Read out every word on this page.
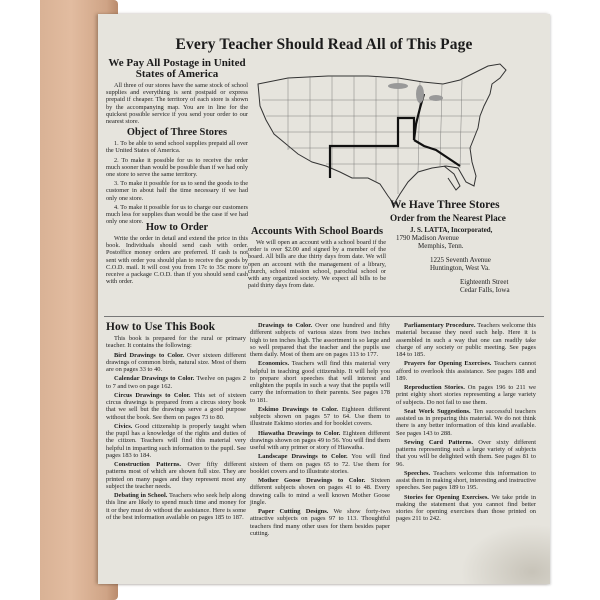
Every Teacher Should Read All of This Page
We Pay All Postage in United States of America

All three of our stores have the same stock of school supplies and everything is sent postpaid or express prepaid if cheaper. The territory of each store is shown by the accompanying map. You are in line for the quickest possible service if you send your order to our nearest store.

Object of Three Stores

1. To be able to send school supplies prepaid all over the United States of America.

2. To make it possible for us to receive the order much sooner than would be possible than if we had only one store to serve the same territory.

3. To make it possible for us to send the goods to the customer in about half the time necessary if we had only one store.

4. To make it possible for us to charge our customers much less for supplies than would be the case if we had only one store.

How to Order

Write the order in detail and extend the price in this book. Individuals should send cash with order. Postoffice money orders are preferred. If cash is not sent with order you should plan to receive the goods by C.O.D. mail. It will cost you from 17c to 35c more to receive a package C.O.D. than if you should send cash with order.

Accounts With School Boards

We will open an account with a school board if the order is over $2.00 and signed by a member of the board. All bills are due thirty days from date. We will open an account with the management of a library, church, school mission school, parochial school or with any organized society. We expect all bills to be paid thirty days from date.

We Have Three Stores
Order from the Nearest Place
J. S. LATTA, Incorporated,
1790 Madison Avenue
Memphis, Tenn.
1225 Seventh Avenue
Huntington, West Va.
Eighteenth Street
Cedar Falls, Iowa
How to Use This Book

This book is prepared for the rural or primary teacher. It contains the following:

Bird Drawings to Color. Over sixteen different drawings of common birds, natural size. Most of them are on pages 33 to 40.

Calendar Drawings to Color. Twelve on pages 2 to 7 and two on page 162.

Circus Drawings to Color. This set of sixteen circus drawings is prepared from a circus story book that we sell but the drawings serve a good purpose without the book. See them on pages 73 to 80.

Civics. Good citizenship is properly taught when the pupil has a knowledge of the rights and duties of the citizen. Teachers will find this material very helpful in imparting such information to the pupil. See pages 183 to 184.

Construction Patterns. Over fifty different patterns most of which are shown full size. They are printed on many pages and they represent most any subject the teacher needs.

Debating in School. Teachers who seek help along this line are likely to spend much time and money for it or they must do without the assistance. Here is some of the best information available on pages 185 to 187.

Drawings to Color. Over one hundred and fifty different subjects of various sizes from two inches high to ten inches high. The assortment is so large and so well prepared that the teacher and the pupils use them daily. Most of them are on pages 113 to 177.

Economics. Teachers will find this material very helpful in teaching good citizenship. It will help you to prepare short speeches that will interest and enlighten the pupils in such a way that the pupils will carry the information to their parents. See pages 178 to 181.

Eskimo Drawings to Color. Eighteen different subjects shown on pages 57 to 64. Use them to illustrate Eskimo stories and for booklet covers.

Hiawatha Drawings to Color. Eighteen different drawings shown on pages 49 to 56. You will find them useful with any primer or story of Hiawatha.

Landscape Drawings to Color. You will find sixteen of them on pages 65 to 72. Use them for booklet covers and to illustrate stories.

Mother Goose Drawings to Color. Sixteen different subjects shown on pages 41 to 48. Every drawing calls to mind a well known Mother Goose jingle.

Paper Cutting Designs. We show forty-two attractive subjects on pages 97 to 113. Thoughtful teachers find many other uses for them besides paper cutting.

Parliamentary Procedure. Teachers welcome this material because they need such help. Here it is assembled in such a way that one can readily take charge of any society or public meeting. See pages 184 to 185.

Prayers for Opening Exercises. Teachers cannot afford to overlook this assistance. See pages 188 and 189.

Reproduction Stories. On pages 196 to 211 we print eighty short stories representing a large variety of subjects. Do not fail to use them.

Seat Work Suggestions. Ten successful teachers assisted us in preparing this material. We do not think there is any better information of this kind available. See pages 143 to 288.

Sewing Card Patterns. Over sixty different patterns representing such a large variety of subjects that you will be delighted with them. See pages 81 to 96.

Speeches. Teachers welcome this information to assist them in making short, interesting and instructive speeches. See pages 189 to 195.

Stories for Opening Exercises. We take pride in making the statement that you cannot find better stories for opening exercises than those printed on pages 211 to 242.
